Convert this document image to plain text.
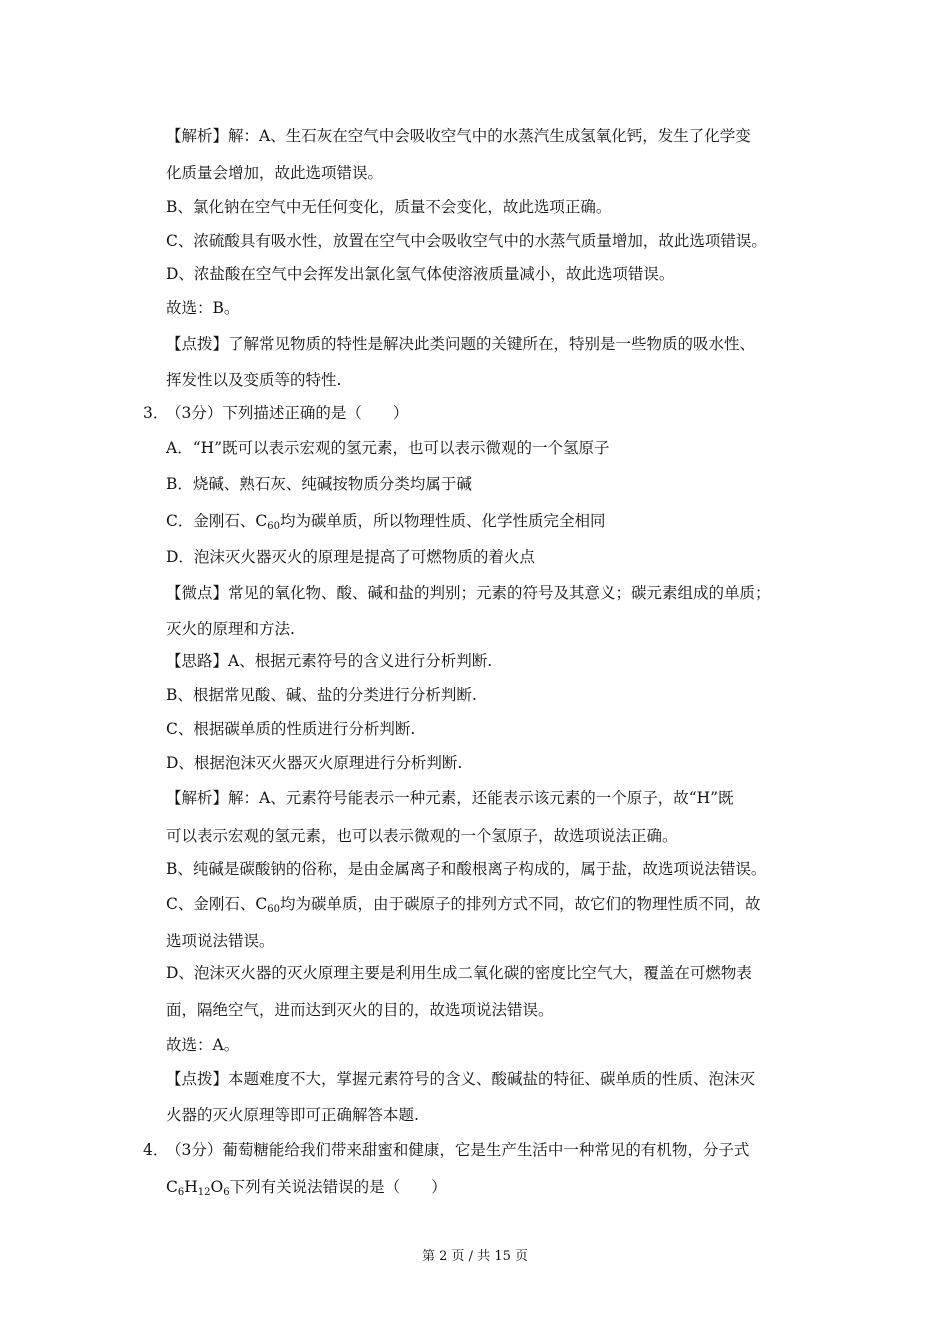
【解析】解：A、生石灰在空气中会吸收空气中的水蒸汽生成氢氧化钙，发生了化学变
化质量会增加，故此选项错误。
B、氯化钠在空气中无任何变化，质量不会变化，故此选项正确。
C、浓硫酸具有吸水性，放置在空气中会吸收空气中的水蒸气质量增加，故此选项错误。
D、浓盐酸在空气中会挥发出氯化氢气体使溶液质量减小，故此选项错误。
故选：B。
【点拨】了解常见物质的特性是解决此类问题的关键所在，特别是一些物质的吸水性、
挥发性以及变质等的特性.
3．
（3分）下列描述正确的是（　　）
A．“H”既可以表示宏观的氢元素，也可以表示微观的一个氢原子
B．烧碱、熟石灰、纯碱按物质分类均属于碱
C．金刚石、$C_{60}$均为碳单质，所以物理性质、化学性质完全相同
D．泡沫灭火器灭火的原理是提高了可燃物质的着火点
【微点】常见的氧化物、酸、碱和盐的判别；元素的符号及其意义；碳元素组成的单质；
灭火的原理和方法.
【思路】A、根据元素符号的含义进行分析判断.
B、根据常见酸、碱、盐的分类进行分析判断.
C、根据碳单质的性质进行分析判断.
D、根据泡沫灭火器灭火原理进行分析判断.
【解析】解：A、元素符号能表示一种元素，还能表示该元素的一个原子，故“H”既
可以表示宏观的氢元素，也可以表示微观的一个氢原子，故选项说法正确。
B、纯碱是碳酸钠的俗称，是由金属离子和酸根离子构成的，属于盐，故选项说法错误。
C、金刚石、$C_{60}$均为碳单质，由于碳原子的排列方式不同，故它们的物理性质不同，故
选项说法错误。
D、泡沫灭火器的灭火原理主要是利用生成二氧化碳的密度比空气大，覆盖在可燃物表
面，隔绝空气，进而达到灭火的目的，故选项说法错误。
故选：A。
【点拨】本题难度不大，掌握元素符号的含义、酸碱盐的特征、碳单质的性质、泡沫灭
火器的灭火原理等即可正确解答本题.
4．
（3分）葡萄糖能给我们带来甜蜜和健康，它是生产生活中一种常见的有机物，分子式
$C_6H_{12}O_6$下列有关说法错误的是（　　）
第 2 页 / 共 15 页
